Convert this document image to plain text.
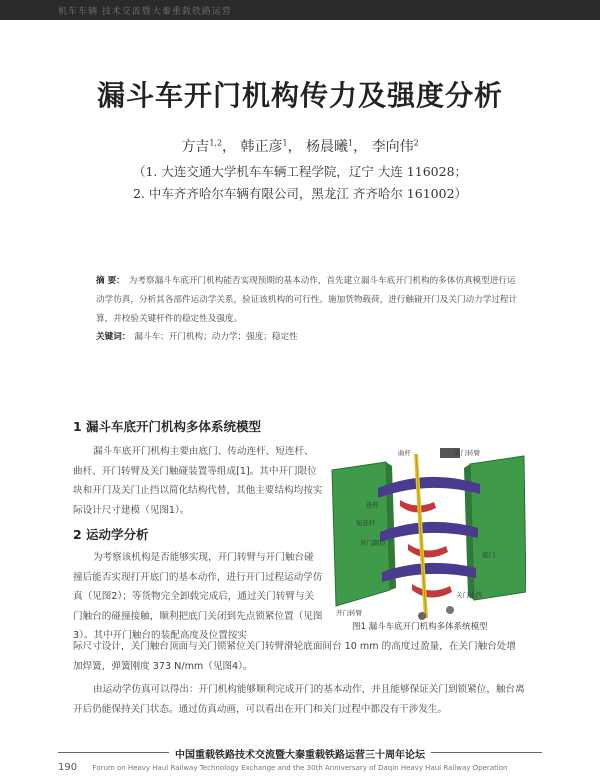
机车车辆 技术交流暨大秦重载铁路运营
漏斗车开门机构传力及强度分析
方吉$^{1,2}$， 韩正彦$^1$， 杨晨曦$^1$， 李向伟$^2$
（1. 大连交通大学机车车辆工程学院，辽宁 大连 116028；
2. 中车齐齐哈尔车辆有限公司，黑龙江 齐齐哈尔 161002）
摘 要： 为考察漏斗车底开门机构能否实现预期的基本动作，首先建立漏斗车底开门机构的多体仿真模型进行运动学仿真，分析其各部件运动学关系，验证该机构的可行性。施加货物载荷，进行触碰开门及关门动力学过程计算，并校验关键杆件的稳定性及强度。
关键词： 漏斗车；开门机构；动力学；强度；稳定性
1 漏斗车底开门机构多体系统模型
漏斗车底开门机构主要由底门、传动连杆、短连杆、曲杆、开门转臂及关门触碰装置等组成[1]。其中开门限位块和开门及关门止挡以简化结构代替，其他主要结构均按实际设计尺寸建模（见图1）。
2 运动学分析
为考察该机构是否能够实现，开门转臂与开门触台碰撞后能否实现打开底门的基本动作，进行开门过程运动学仿真（见图2）；等货物完全卸载完成后，通过关门转臂与关门触台的碰撞接触，顺利把底门关闭到先点锁紧位置（见图3）。其中开门触台的装配高度及位置按实
际尺寸设计，关门触台顶面与关门锁紧位关门转臂滑轮底面间台 10 mm 的高度过盈量，在关门触台处增加焊簧，弹簧刚度 373 N/mm（见图4）。
由运动学仿真可以得出：开门机构能够顺利完成开门的基本动作，并且能够保证关门到锁紧位，触台离开后仍能保持关门状态。通过仿真动画，可以看出在开门和关门过程中都没有干涉发生。
曲杆	关门转臂
连杆
短连杆
开门限位
底门
关门止挡
开门转臂
图1 漏斗车底开门机构多体系统模型
中国重载铁路技术交流暨大秦重载铁路运营三十周年论坛
190	Forum on Heavy Haul Railway Technology Exchange and the 30th Anniversary of Daqin Heavy Haul Railway Operation
